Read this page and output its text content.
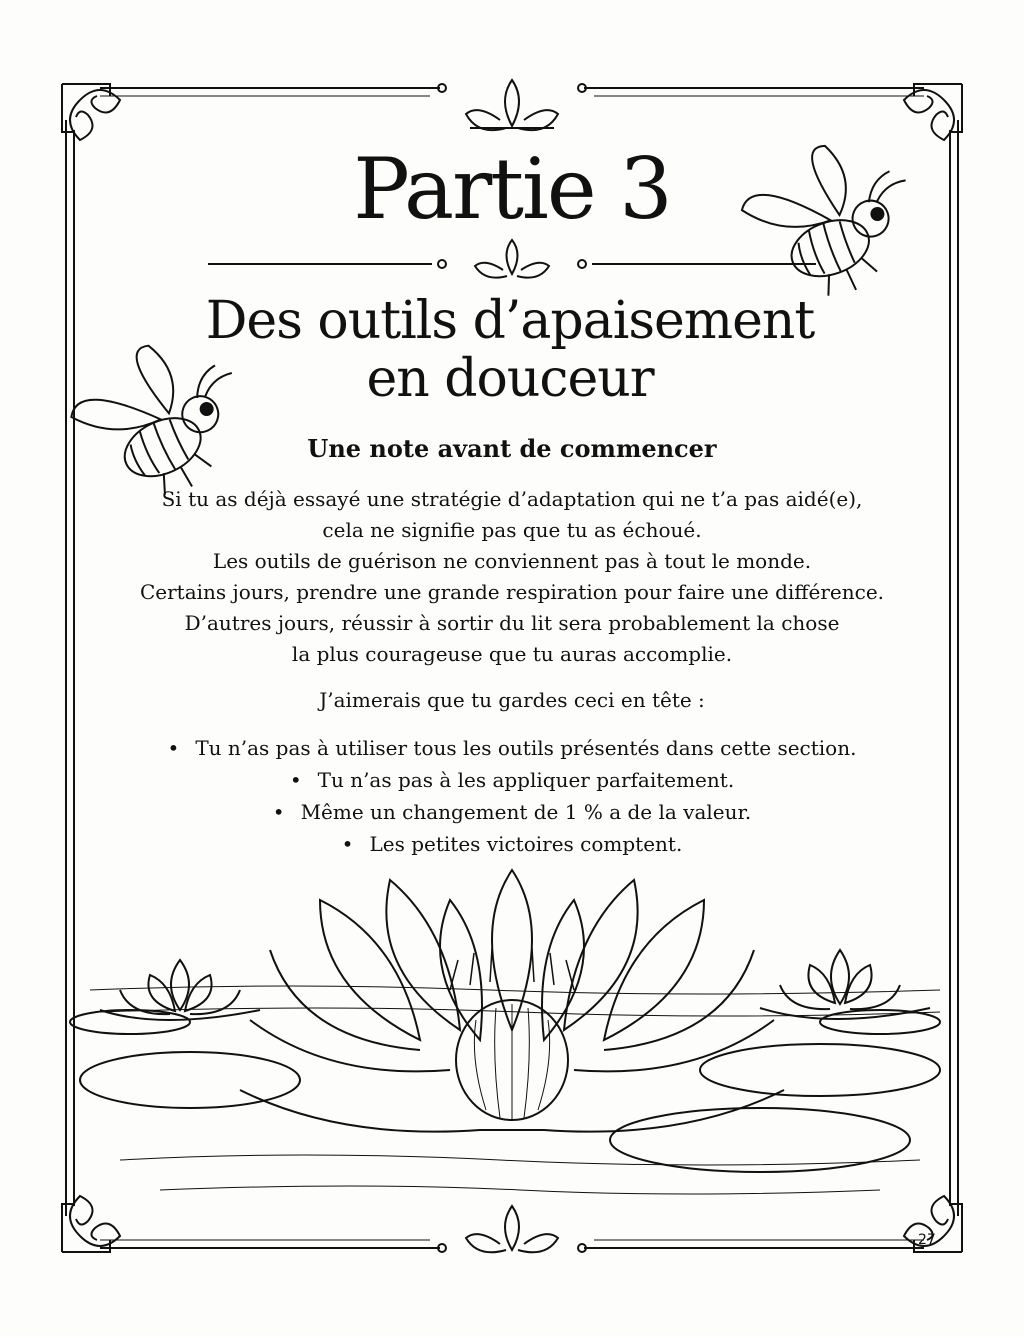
Partie 3
Des outils d’apaisement
en douceur
Une note avant de commencer
Si tu as déjà essayé une stratégie d’adaptation qui ne t’a pas aidé(e),
cela ne signifie pas que tu as échoué.
Les outils de guérison ne conviennent pas à tout le monde.
Certains jours, prendre une grande respiration pour faire une différence.
D’autres jours, réussir à sortir du lit sera probablement la chose
la plus courageuse que tu auras accomplie.

J’aimerais que tu gardes ceci en tête :

• Tu n’as pas à utiliser tous les outils présentés dans cette section.
• Tu n’as pas à les appliquer parfaitement.
• Même un changement de 1 % a de la valeur.
• Les petites victoires comptent.
27
